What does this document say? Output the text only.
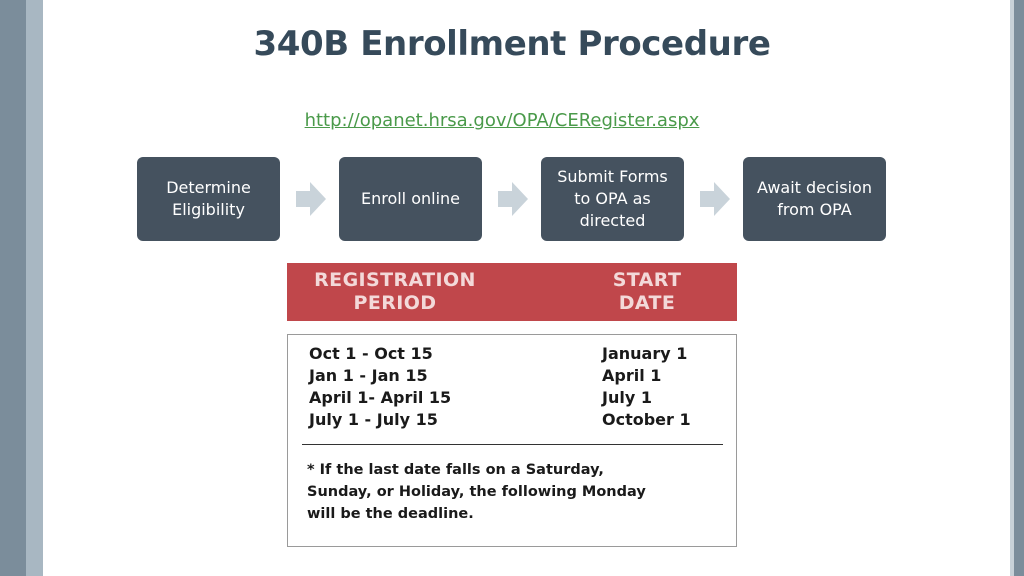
340B Enrollment Procedure
http://opanet.hrsa.gov/OPA/CERegister.aspx
Determine
Eligibility
Enroll online
Submit Forms
to OPA as
directed
Await decision
from OPA
REGISTRATION
PERIOD
START
DATE
Oct 1 - Oct 15	January 1
Jan 1 - Jan 15	April 1
April 1- April 15	July 1
July 1 - July 15	October 1
* If the last date falls on a Saturday,
Sunday, or Holiday, the following Monday
will be the deadline.
